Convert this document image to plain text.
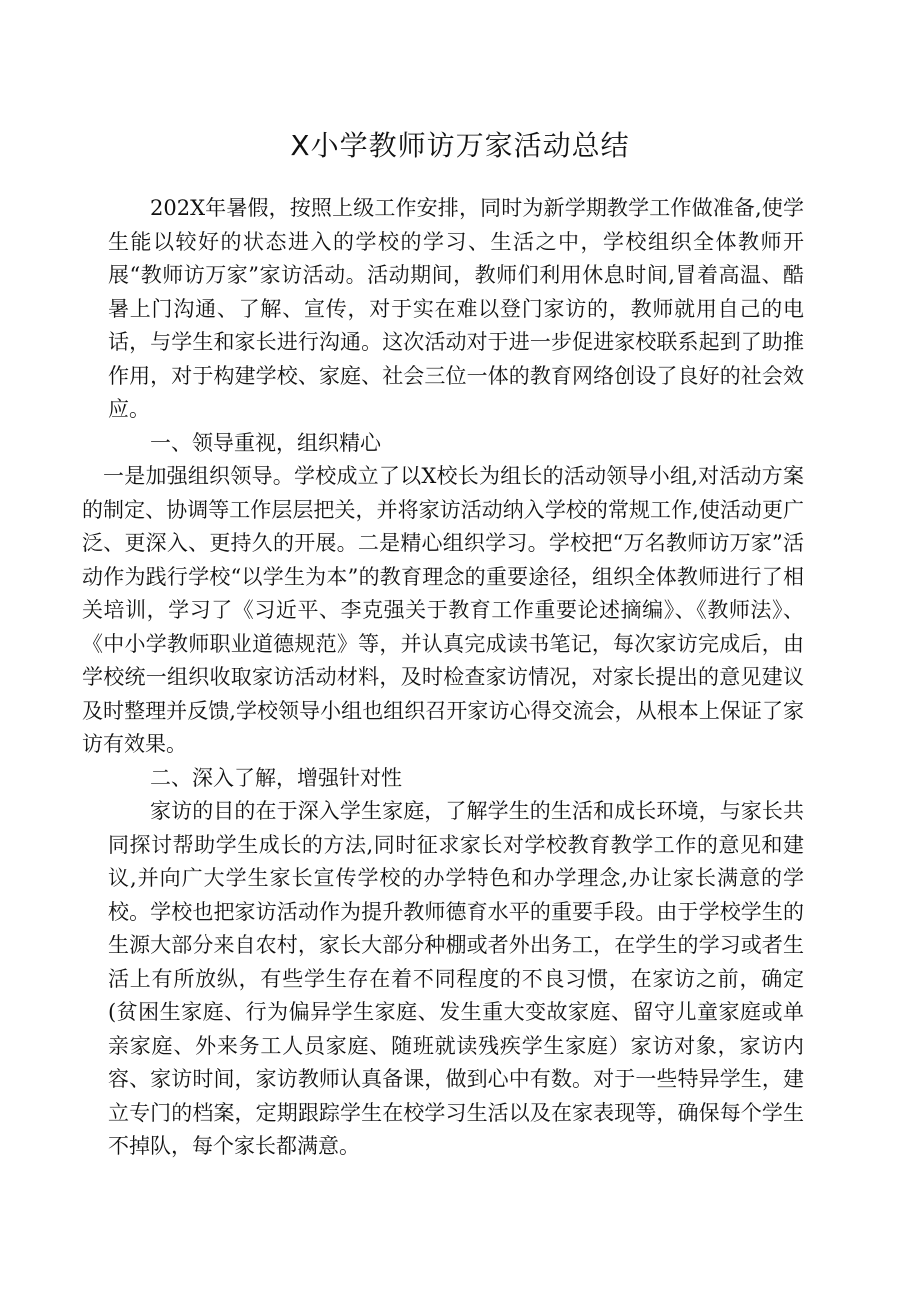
X小学教师访万家活动总结

202X年暑假，按照上级工作安排，同时为新学期教学工作做准备,使学生能以较好的状态进入的学校的学习、生活之中，学校组织全体教师开展“教师访万家”家访活动。活动期间，教师们利用休息时间,冒着高温、酷暑上门沟通、了解、宣传，对于实在难以登门家访的，教师就用自己的电话，与学生和家长进行沟通。这次活动对于进一步促进家校联系起到了助推作用，对于构建学校、家庭、社会三位一体的教育网络创设了良好的社会效应。

一、领导重视，组织精心

一是加强组织领导。学校成立了以X校长为组长的活动领导小组,对活动方案的制定、协调等工作层层把关，并将家访活动纳入学校的常规工作,使活动更广泛、更深入、更持久的开展。二是精心组织学习。学校把“万名教师访万家”活动作为践行学校“以学生为本”的教育理念的重要途径，组织全体教师进行了相关培训，学习了《习近平、李克强关于教育工作重要论述摘编》、《教师法》、《中小学教师职业道德规范》等，并认真完成读书笔记，每次家访完成后，由学校统一组织收取家访活动材料，及时检查家访情况，对家长提出的意见建议及时整理并反馈,学校领导小组也组织召开家访心得交流会，从根本上保证了家访有效果。

二、深入了解，增强针对性

家访的目的在于深入学生家庭，了解学生的生活和成长环境，与家长共同探讨帮助学生成长的方法,同时征求家长对学校教育教学工作的意见和建议,并向广大学生家长宣传学校的办学特色和办学理念,办让家长满意的学校。学校也把家访活动作为提升教师德育水平的重要手段。由于学校学生的生源大部分来自农村，家长大部分种棚或者外出务工，在学生的学习或者生活上有所放纵，有些学生存在着不同程度的不良习惯，在家访之前，确定(贫困生家庭、行为偏异学生家庭、发生重大变故家庭、留守儿童家庭或单亲家庭、外来务工人员家庭、随班就读残疾学生家庭）家访对象，家访内容、家访时间，家访教师认真备课，做到心中有数。对于一些特异学生，建立专门的档案，定期跟踪学生在校学习生活以及在家表现等，确保每个学生不掉队，每个家长都满意。
